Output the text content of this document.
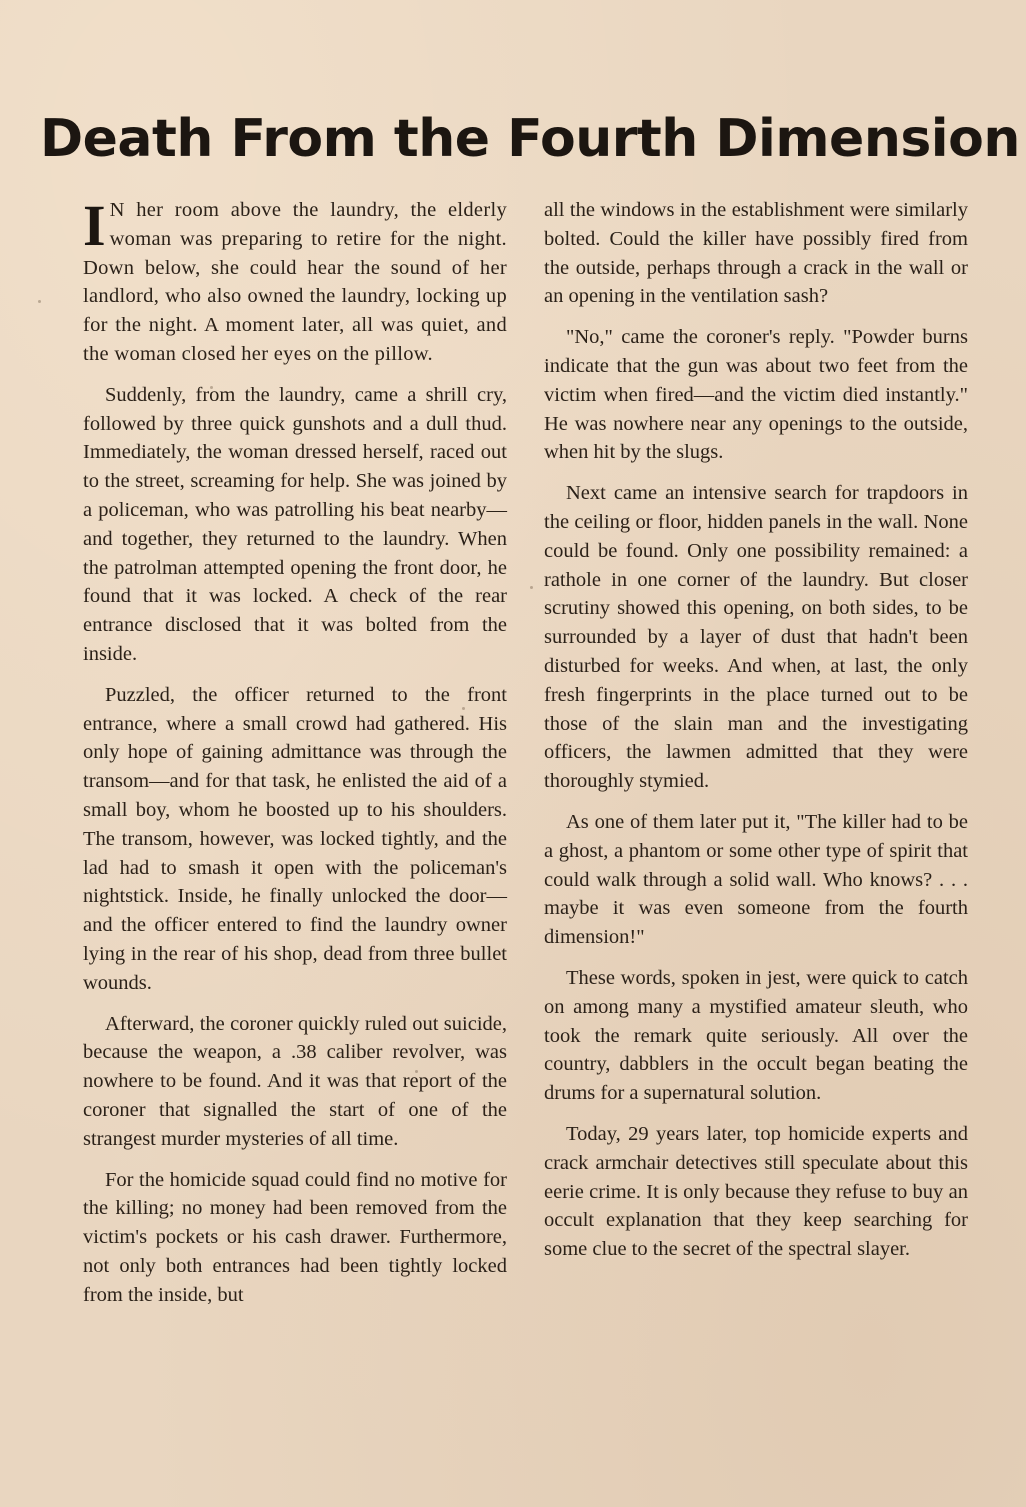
Death From the Fourth Dimension

I N her room above the laundry, the elderly woman was preparing to retire for the night. Down below, she could hear the sound of her landlord, who also owned the laundry, locking up for the night. A moment later, all was quiet, and the woman closed her eyes on the pillow.

Suddenly, from the laundry, came a shrill cry, followed by three quick gunshots and a dull thud. Immediately, the woman dressed herself, raced out to the street, screaming for help. She was joined by a policeman, who was patrolling his beat nearby—and together, they returned to the laundry. When the patrolman attempted opening the front door, he found that it was locked. A check of the rear entrance disclosed that it was bolted from the inside.

Puzzled, the officer returned to the front entrance, where a small crowd had gathered. His only hope of gaining admittance was through the transom—and for that task, he enlisted the aid of a small boy, whom he boosted up to his shoulders. The transom, however, was locked tightly, and the lad had to smash it open with the policeman's nightstick. Inside, he finally unlocked the door—and the officer entered to find the laundry owner lying in the rear of his shop, dead from three bullet wounds.

Afterward, the coroner quickly ruled out suicide, because the weapon, a .38 caliber revolver, was nowhere to be found. And it was that report of the coroner that signalled the start of one of the strangest murder mysteries of all time.

For the homicide squad could find no motive for the killing; no money had been removed from the victim's pockets or his cash drawer. Furthermore, not only both entrances had been tightly locked from the inside, but

all the windows in the establishment were similarly bolted. Could the killer have possibly fired from the outside, perhaps through a crack in the wall or an opening in the ventilation sash?

"No," came the coroner's reply. "Powder burns indicate that the gun was about two feet from the victim when fired—and the victim died instantly." He was nowhere near any openings to the outside, when hit by the slugs.

Next came an intensive search for trapdoors in the ceiling or floor, hidden panels in the wall. None could be found. Only one possibility remained: a rathole in one corner of the laundry. But closer scrutiny showed this opening, on both sides, to be surrounded by a layer of dust that hadn't been disturbed for weeks. And when, at last, the only fresh fingerprints in the place turned out to be those of the slain man and the investigating officers, the lawmen admitted that they were thoroughly stymied.

As one of them later put it, "The killer had to be a ghost, a phantom or some other type of spirit that could walk through a solid wall. Who knows? . . . maybe it was even someone from the fourth dimension!"

These words, spoken in jest, were quick to catch on among many a mystified amateur sleuth, who took the remark quite seriously. All over the country, dabblers in the occult began beating the drums for a supernatural solution.

Today, 29 years later, top homicide experts and crack armchair detectives still speculate about this eerie crime. It is only because they refuse to buy an occult explanation that they keep searching for some clue to the secret of the spectral slayer.
